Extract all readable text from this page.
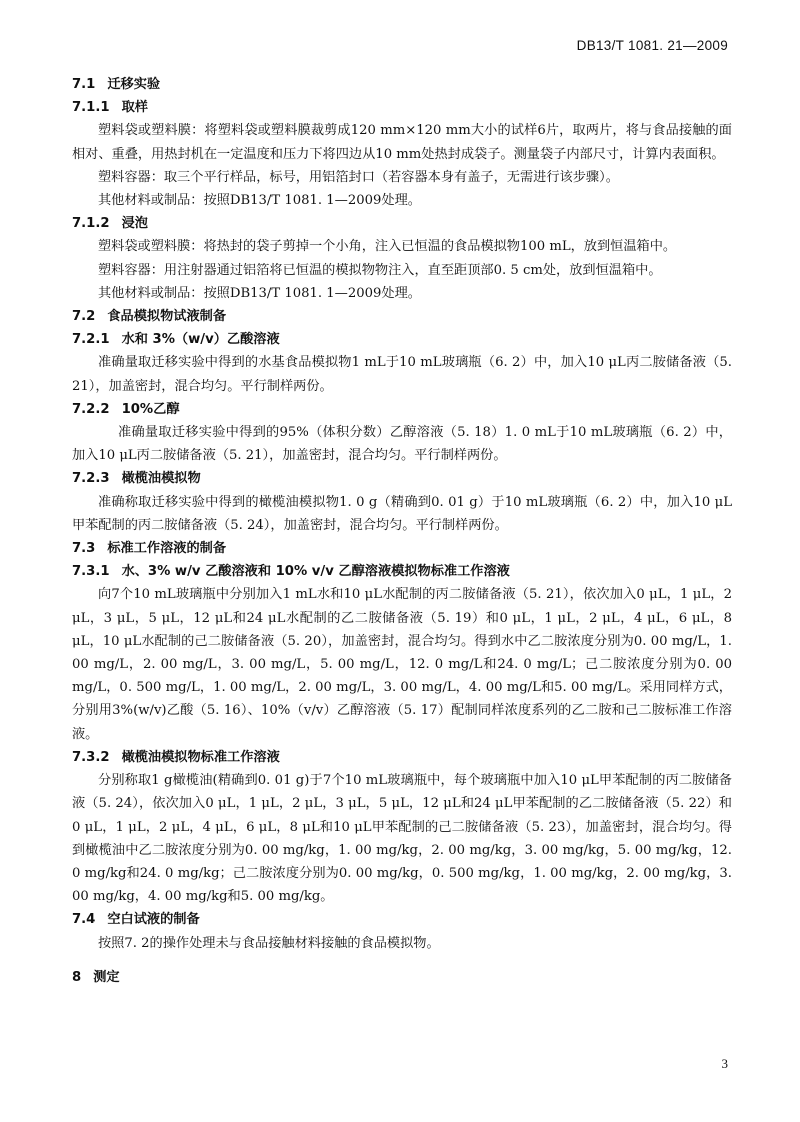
DB13/T 1081. 21—2009
7.1 迁移实验
7.1.1 取样
塑料袋或塑料膜：将塑料袋或塑料膜裁剪成120 mm×120 mm大小的试样6片，取两片，将与食品接触的面相对、重叠，用热封机在一定温度和压力下将四边从10 mm处热封成袋子。测量袋子内部尺寸，计算内表面积。
塑料容器：取三个平行样品，标号，用铝箔封口（若容器本身有盖子，无需进行该步骤）。
其他材料或制品：按照DB13/T 1081. 1—2009处理。
7.1.2 浸泡
塑料袋或塑料膜：将热封的袋子剪掉一个小角，注入已恒温的食品模拟物100 mL，放到恒温箱中。
塑料容器：用注射器通过铝箔将已恒温的模拟物物注入，直至距顶部0. 5 cm处，放到恒温箱中。
其他材料或制品：按照DB13/T 1081. 1—2009处理。
7.2 食品模拟物试液制备
7.2.1 水和 3%（w/v）乙酸溶液
准确量取迁移实验中得到的水基食品模拟物1 mL于10 mL玻璃瓶（6. 2）中，加入10 μL丙二胺储备液（5. 21），加盖密封，混合均匀。平行制样两份。
7.2.2 10%乙醇
准确量取迁移实验中得到的95%（体积分数）乙醇溶液（5. 18）1. 0 mL于10 mL玻璃瓶（6. 2）中，加入10 μL丙二胺储备液（5. 21），加盖密封，混合均匀。平行制样两份。
7.2.3 橄榄油模拟物
准确称取迁移实验中得到的橄榄油模拟物1. 0 g（精确到0. 01 g）于10 mL玻璃瓶（6. 2）中，加入10 μL甲苯配制的丙二胺储备液（5. 24），加盖密封，混合均匀。平行制样两份。
7.3 标准工作溶液的制备
7.3.1 水、3% w/v 乙酸溶液和 10% v/v 乙醇溶液模拟物标准工作溶液
向7个10 mL玻璃瓶中分别加入1 mL水和10 μL水配制的丙二胺储备液（5. 21），依次加入0 μL，1 μL，2 μL，3 μL，5 μL，12 μL和24 μL水配制的乙二胺储备液（5. 19）和0 μL，1 μL，2 μL，4 μL，6 μL，8 μL，10 μL水配制的己二胺储备液（5. 20），加盖密封，混合均匀。得到水中乙二胺浓度分别为0. 00 mg/L，1. 00 mg/L，2. 00 mg/L，3. 00 mg/L，5. 00 mg/L，12. 0 mg/L和24. 0 mg/L；己二胺浓度分别为0. 00 mg/L，0. 500 mg/L，1. 00 mg/L，2. 00 mg/L，3. 00 mg/L，4. 00 mg/L和5. 00 mg/L。采用同样方式，分别用3%(w/v)乙酸（5. 16）、10%（v/v）乙醇溶液（5. 17）配制同样浓度系列的乙二胺和己二胺标准工作溶液。
7.3.2 橄榄油模拟物标准工作溶液
分别称取1 g橄榄油(精确到0. 01 g)于7个10 mL玻璃瓶中，每个玻璃瓶中加入10 μL甲苯配制的丙二胺储备液（5. 24），依次加入0 μL，1 μL，2 μL，3 μL，5 μL，12 μL和24 μL甲苯配制的乙二胺储备液（5. 22）和0 μL，1 μL，2 μL，4 μL，6 μL，8 μL和10 μL甲苯配制的己二胺储备液（5. 23），加盖密封，混合均匀。得到橄榄油中乙二胺浓度分别为0. 00 mg/kg，1. 00 mg/kg，2. 00 mg/kg，3. 00 mg/kg，5. 00 mg/kg，12. 0 mg/kg和24. 0 mg/kg；己二胺浓度分别为0. 00 mg/kg，0. 500 mg/kg，1. 00 mg/kg，2. 00 mg/kg，3. 00 mg/kg，4. 00 mg/kg和5. 00 mg/kg。
7.4 空白试液的制备
按照7. 2的操作处理未与食品接触材料接触的食品模拟物。
8 测定
3
